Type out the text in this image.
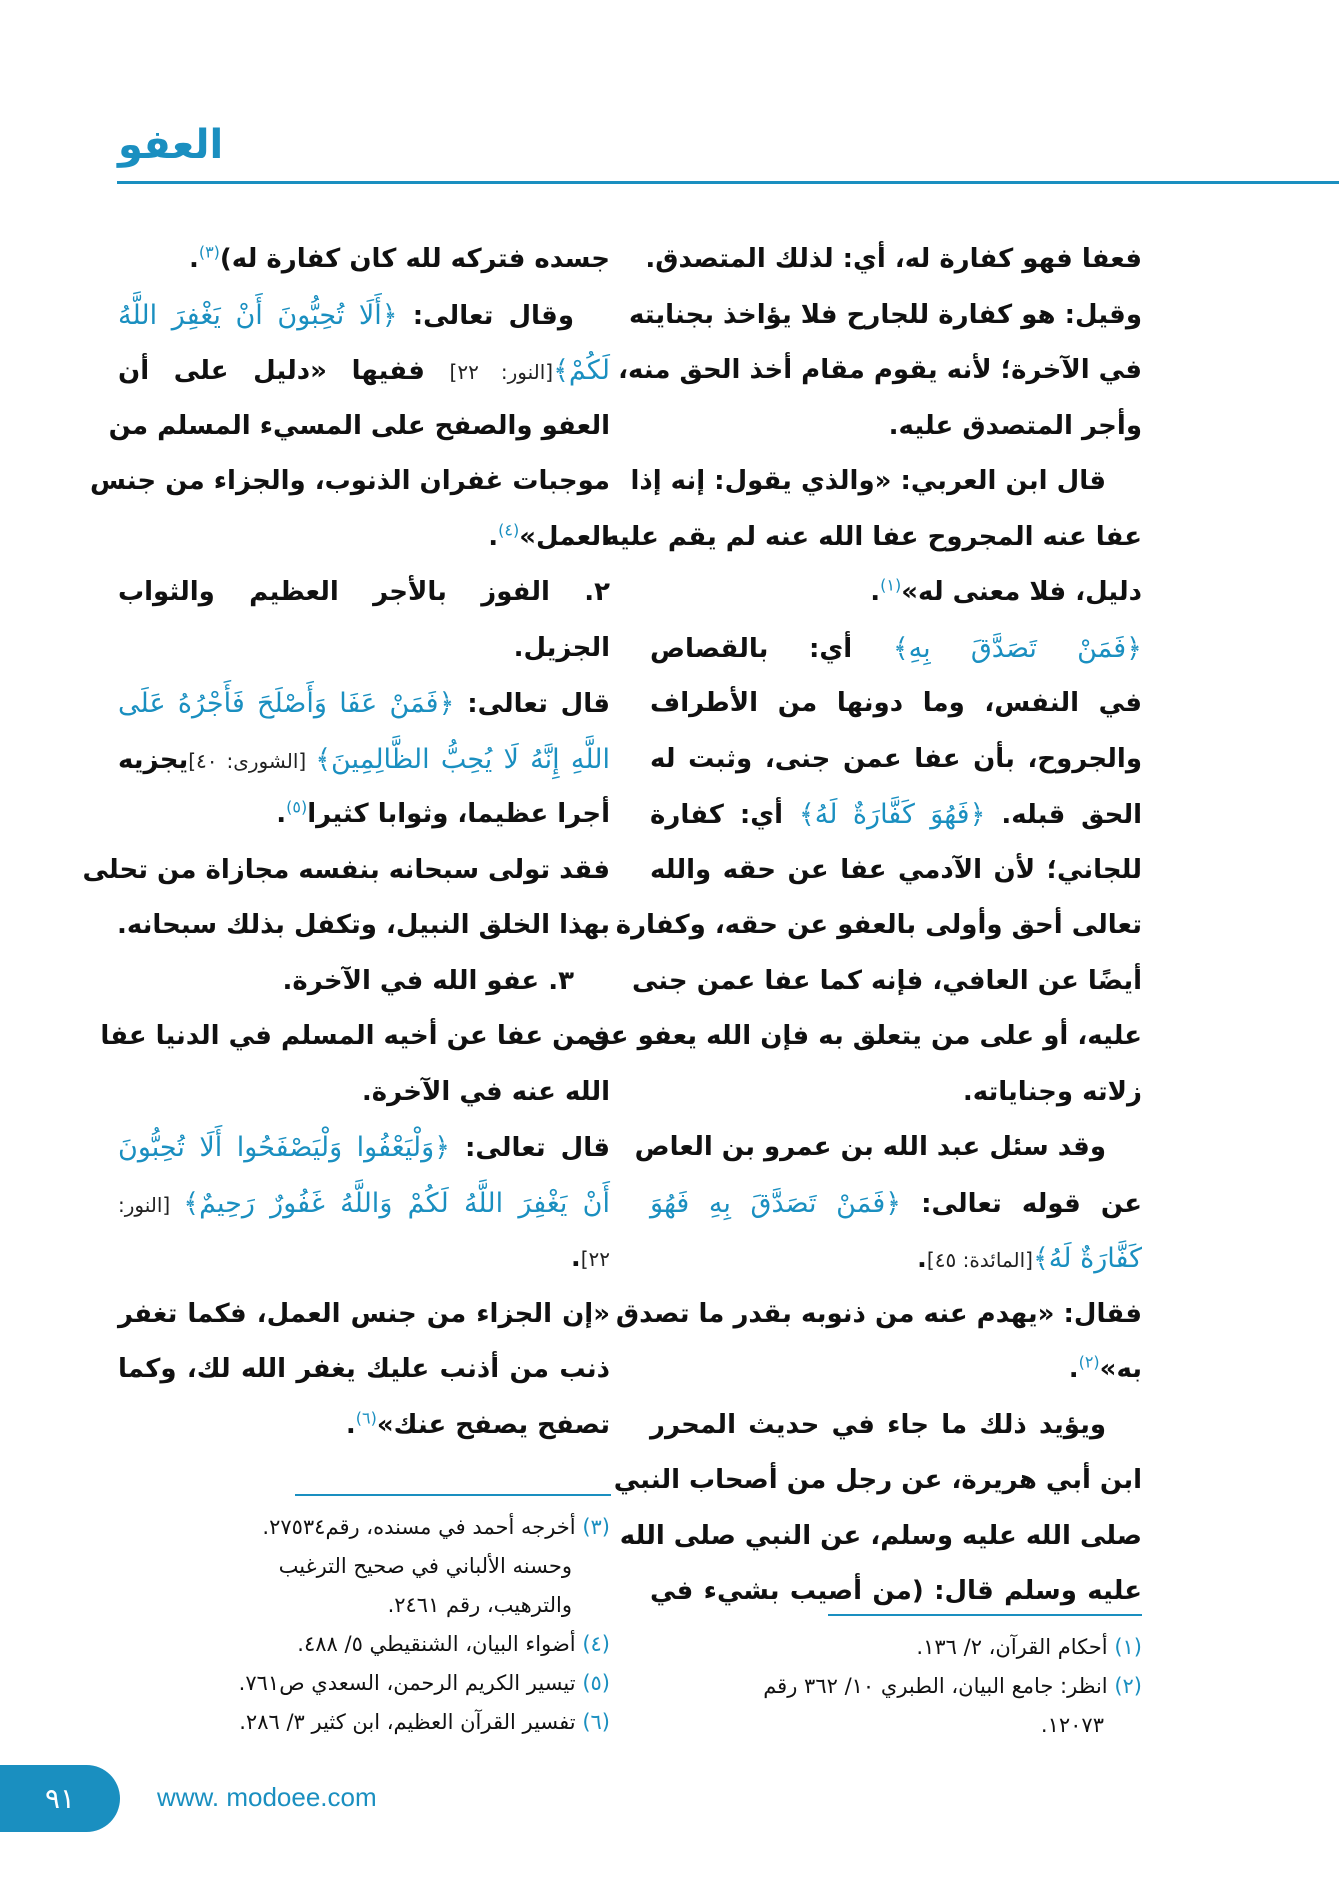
العفو
فعفا فهو كفارة له، أي: لذلك المتصدق.
وقيل: هو كفارة للجارح فلا يؤاخذ بجنايته
في الآخرة؛ لأنه يقوم مقام أخذ الحق منه،
وأجر المتصدق عليه.
قال ابن العربي: «والذي يقول: إنه إذا
عفا عنه المجروح عفا الله عنه لم يقم عليه
دليل، فلا معنى له»$^{(١)}$.
﴿فَمَنْ تَصَدَّقَ بِهِ﴾ أي: بالقصاص
في النفس، وما دونها من الأطراف
والجروح، بأن عفا عمن جنى، وثبت له
الحق قبله. ﴿فَهُوَ كَفَّارَةٌ لَهُ﴾ أي: كفارة
للجاني؛ لأن الآدمي عفا عن حقه والله
تعالى أحق وأولى بالعفو عن حقه، وكفارة
أيضًا عن العافي، فإنه كما عفا عمن جنى
عليه، أو على من يتعلق به فإن الله يعفو عن
زلاته وجناياته.
وقد سئل عبد الله بن عمرو بن العاص
عن قوله تعالى: ﴿فَمَنْ تَصَدَّقَ بِهِ فَهُوَ
كَفَّارَةٌ لَهُ﴾[المائدة: ٤٥].
فقال: «يهدم عنه من ذنوبه بقدر ما تصدق
به»$^{(٢)}$.
ويؤيد ذلك ما جاء في حديث المحرر
ابن أبي هريرة، عن رجل من أصحاب النبي
صلى الله عليه وسلم، عن النبي صلى الله
عليه وسلم قال: (من أصيب بشيء في
جسده فتركه لله كان كفارة له)$^{(٣)}$.
وقال تعالى: ﴿أَلَا تُحِبُّونَ أَنْ يَغْفِرَ اللَّهُ
لَكُمْ﴾[النور: ٢٢] ففيها «دليل على أن
العفو والصفح على المسيء المسلم من
موجبات غفران الذنوب، والجزاء من جنس
العمل»$^{(٤)}$.
٢. الفوز بالأجر العظيم والثواب
الجزيل.
قال تعالى: ﴿فَمَنْ عَفَا وَأَصْلَحَ فَأَجْرُهُ عَلَى
اللَّهِ إِنَّهُ لَا يُحِبُّ الظَّالِمِينَ﴾ [الشورى: ٤٠]يجزيه
أجرا عظيما، وثوابا كثيرا$^{(٥)}$.
فقد تولى سبحانه بنفسه مجازاة من تحلى
بهذا الخلق النبيل، وتكفل بذلك سبحانه.
٣. عفو الله في الآخرة.
فمن عفا عن أخيه المسلم في الدنيا عفا
الله عنه في الآخرة.
قال تعالى: ﴿وَلْيَعْفُوا وَلْيَصْفَحُوا أَلَا تُحِبُّونَ
أَنْ يَغْفِرَ اللَّهُ لَكُمْ وَاللَّهُ غَفُورٌ رَحِيمٌ﴾ [النور:
٢٢].
«إن الجزاء من جنس العمل، فكما تغفر
ذنب من أذنب عليك يغفر الله لك، وكما
تصفح يصفح عنك»$^{(٦)}$.
(١) أحكام القرآن، ٢/ ١٣٦.
(٢) انظر: جامع البيان، الطبري ١٠/ ٣٦٢ رقم
١٢٠٧٣.
(٣) أخرجه أحمد في مسنده، رقم٢٧٥٣٤.
وحسنه الألباني في صحيح الترغيب
والترهيب، رقم ٢٤٦١.
(٤) أضواء البيان، الشنقيطي ٥/ ٤٨٨.
(٥) تيسير الكريم الرحمن، السعدي ص٧٦١.
(٦) تفسير القرآن العظيم، ابن كثير ٣/ ٢٨٦.
٩١	www. modoee.com
